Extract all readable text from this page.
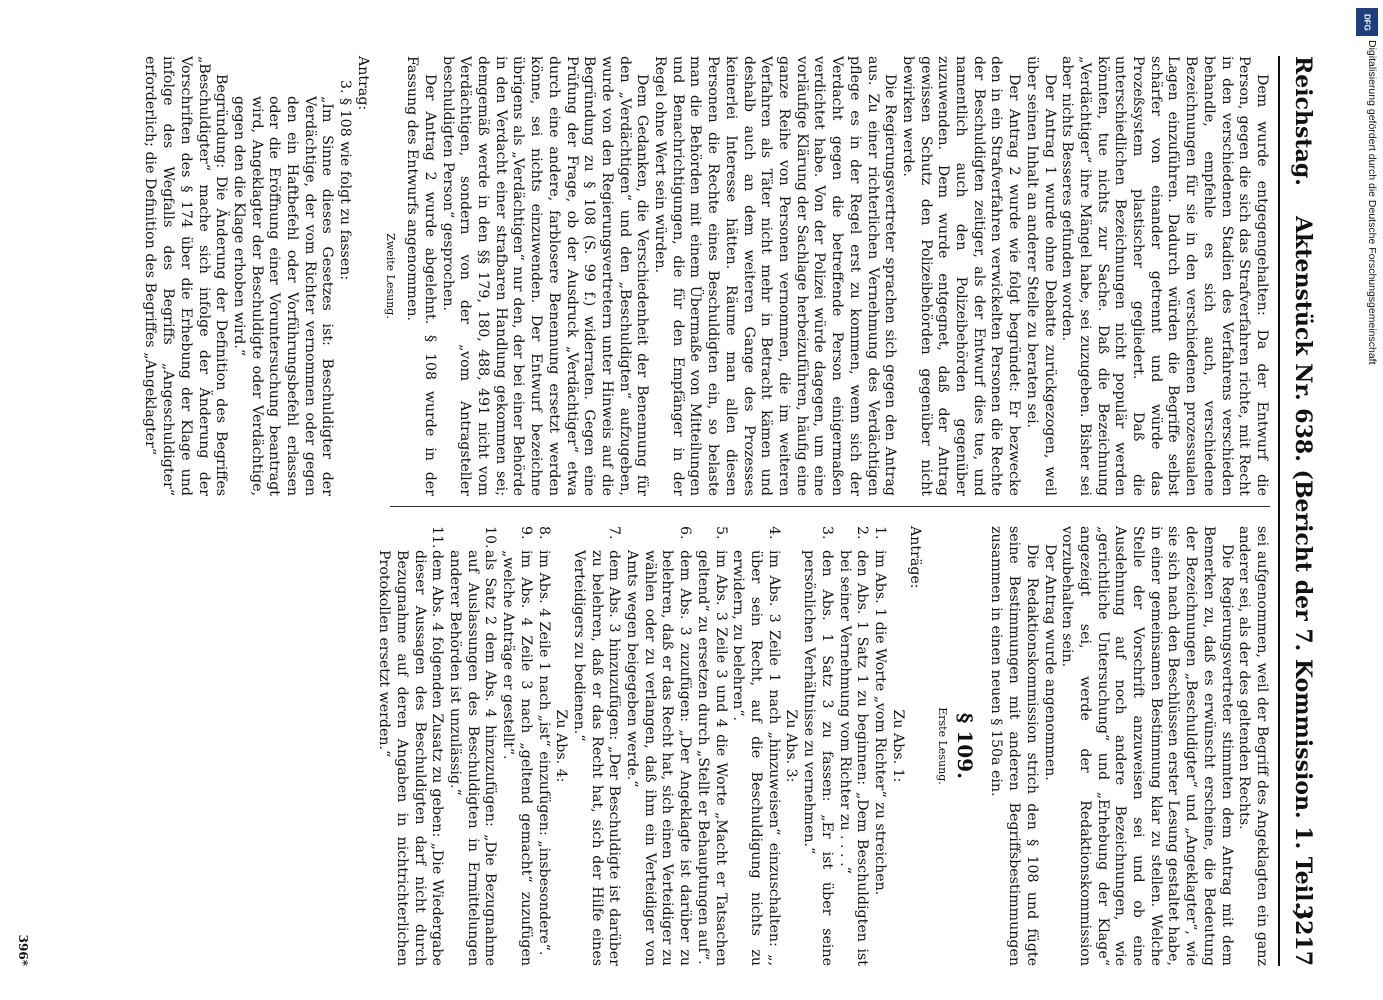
Reichstag.
Aktenstück Nr. 638. (Bericht der 7. Kommission. 1. Teil.)
3217

Dem wurde entgegengehalten: Da der Entwurf die Person, gegen die sich das Strafverfahren richte, mit Recht in den verschiedenen Stadien des Verfahrens verschieden behandle, empfehle es sich auch, verschiedene Bezeichnungen für sie in den verschiedenen prozessualen Lagen einzuführen. Dadurch würden die Begriffe selbst schärfer von einander getrennt und würde das Prozeßsystem plastischer gegliedert. Daß die unterschiedlichen Bezeichnungen nicht populär werden könnten, tue nichts zur Sache. Daß die Bezeichnung „Verdächtiger“ ihre Mängel habe, sei zuzugeben. Bisher sei aber nichts Besseres gefunden worden.

Der Antrag 1 wurde ohne Debatte zurückgezogen, weil über seinen Inhalt an anderer Stelle zu beraten sei.

Der Antrag 2 wurde wie folgt begründet: Er bezwecke den in ein Strafverfahren verwickelten Personen die Rechte der Beschuldigten zeitiger, als der Entwurf dies tue, und namentlich auch den Polizeibehörden gegenüber zuzuwenden. Dem wurde entgegnet, daß der Antrag gewissen Schutz den Polizeibehörden gegenüber nicht bewirken werde.

Die Regierungsvertreter sprachen sich gegen den Antrag aus. Zu einer richterlichen Vernehmung des Verdächtigen pflege es in der Regel erst zu kommen, wenn sich der Verdacht gegen die betreffende Person einigermaßen verdichtet habe. Von der Polizei würde dagegen, um eine vorläufige Klärung der Sachlage herbeizuführen, häufig eine ganze Reihe von Personen vernommen, die im weiteren Verfahren als Täter nicht mehr in Betracht kämen und deshalb auch an dem weiteren Gange des Prozesses keinerlei Interesse hätten. Räume man allen diesen Personen die Rechte eines Beschuldigten ein, so belaste man die Behörden mit einem Übermaße von Mitteilungen und Benachrichtigungen, die für den Empfänger in der Regel ohne Wert sein würden.

Dem Gedanken, die Verschiedenheit der Benennung für den „Verdächtigen“ und den „Beschuldigten“ aufzugeben, wurde von den Regierungsvertretern unter Hinweis auf die Begründung zu § 108 (S. 99 f.) widerraten. Gegen eine Prüfung der Frage, ob der Ausdruck „Verdächtiger“ etwa durch eine andere, farblosere Benennung ersetzt werden könne, sei nichts einzuwenden. Der Entwurf bezeichne übrigens als „Verdächtigen“ nur den, der bei einer Behörde in den Verdacht einer strafbaren Handlung gekommen sei; demgemäß werde in den §§ 179, 180, 488, 491 nicht vom Verdächtigen, sondern von der „vom Antragsteller beschuldigten Person“ gesprochen.

Der Antrag 2 wurde abgelehnt. § 108 wurde in der Fassung des Entwurfs angenommen.

Zweite Lesung.

Antrag:

3. § 108 wie folgt zu fassen:

„Im Sinne dieses Gesetzes ist: Beschuldigter der Verdächtige, der vom Richter vernommen oder gegen den ein Haftbefehl oder Vorführungsbefehl erlassen oder die Eröffnung einer Voruntersuchung beantragt wird, Angeklagter der Beschuldigte oder Verdächtige, gegen den die Klage erhoben wird.“

Begründung: Die Änderung der Definition des Begriffes „Beschuldigter“ mache sich infolge der Änderung der Vorschriften des § 174 über die Erhebung der Klage und infolge des Wegfalls des Begriffs „Angeschuldigter“ erforderlich; die Definition des Begriffes „Angeklagter“

sei aufgenommen, weil der Begriff des Angeklagten ein ganz anderer sei, als der des geltenden Rechts.

Die Regierungsvertreter stimmten dem Antrag mit dem Bemerken zu, daß es erwünscht erscheine, die Bedeutung der Bezeichnungen „Beschuldigter“ und „Angeklagter“, wie sie sich nach den Beschlüssen erster Lesung gestaltet habe, in einer gemeinsamen Bestimmung klar zu stellen. Welche Stelle der Vorschrift anzuweisen sei und ob eine Ausdehnung auf noch andere Bezeichnungen, wie „gerichtliche Untersuchung“ und „Erhebung der Klage“ angezeigt sei, werde der Redaktionskommission vorzubehalten sein.

Der Antrag wurde angenommen.

Die Redaktionskommission strich den § 108 und fügte seine Bestimmungen mit anderen Begriffsbestimmungen zusammen in einen neuen § 150a ein.

§ 109.

Erste Lesung.

Anträge:

Zu Abs. 1:

1.
im Abs. 1 die Worte „vom Richter“ zu streichen.

2.
den Abs. 1 Satz 1 zu beginnen: „Dem Beschuldigten ist bei seiner Vernehmung vom Richter zu . . . .“

3.
den Abs. 1 Satz 3 zu fassen: „Er ist über seine persönlichen Verhältnisse zu vernehmen.“

Zu Abs. 3:

4.
im Abs. 3 Zeile 1 nach „hinzuweisen“ einzuschalten: „, über sein Recht, auf die Beschuldigung nichts zu erwidern, zu belehren“.

5.
im Abs. 3 Zeile 3 und 4 die Worte „Macht er Tatsachen geltend“ zu ersetzen durch „Stellt er Behauptungen auf“.

6.
dem Abs. 3 zuzufügen: „Der Angeklagte ist darüber zu belehren, daß er das Recht hat, sich einen Verteidiger zu wählen oder zu verlangen, daß ihm ein Verteidiger von Amts wegen beigegeben werde.“

7.
dem Abs. 3 hinzuzufügen: „Der Beschuldigte ist darüber zu belehren, daß er das Recht hat, sich der Hilfe eines Verteidigers zu bedienen.“

Zu Abs. 4:

8.
im Abs. 4 Zeile 1 nach „ist“ einzufügen: „insbesondere“.

9.
im Abs. 4 Zeile 3 nach „geltend gemacht“ zuzufügen „welche Anträge er gestellt“.

10.
als Satz 2 dem Abs. 4 hinzuzufügen: „Die Bezugnahme auf Auslassungen des Beschuldigten in Ermittelungen anderer Behörden ist unzulässig.“

11.
dem Abs. 4 folgenden Zusatz zu geben: „Die Wiedergabe dieser Aussagen des Beschuldigten darf nicht durch Bezugnahme auf deren Angaben in nichtrichterlichen Protokollen ersetzt werden.“

396*
DFG
Digitalisierung gefördert durch die Deutsche Forschungsgemeinschaft
